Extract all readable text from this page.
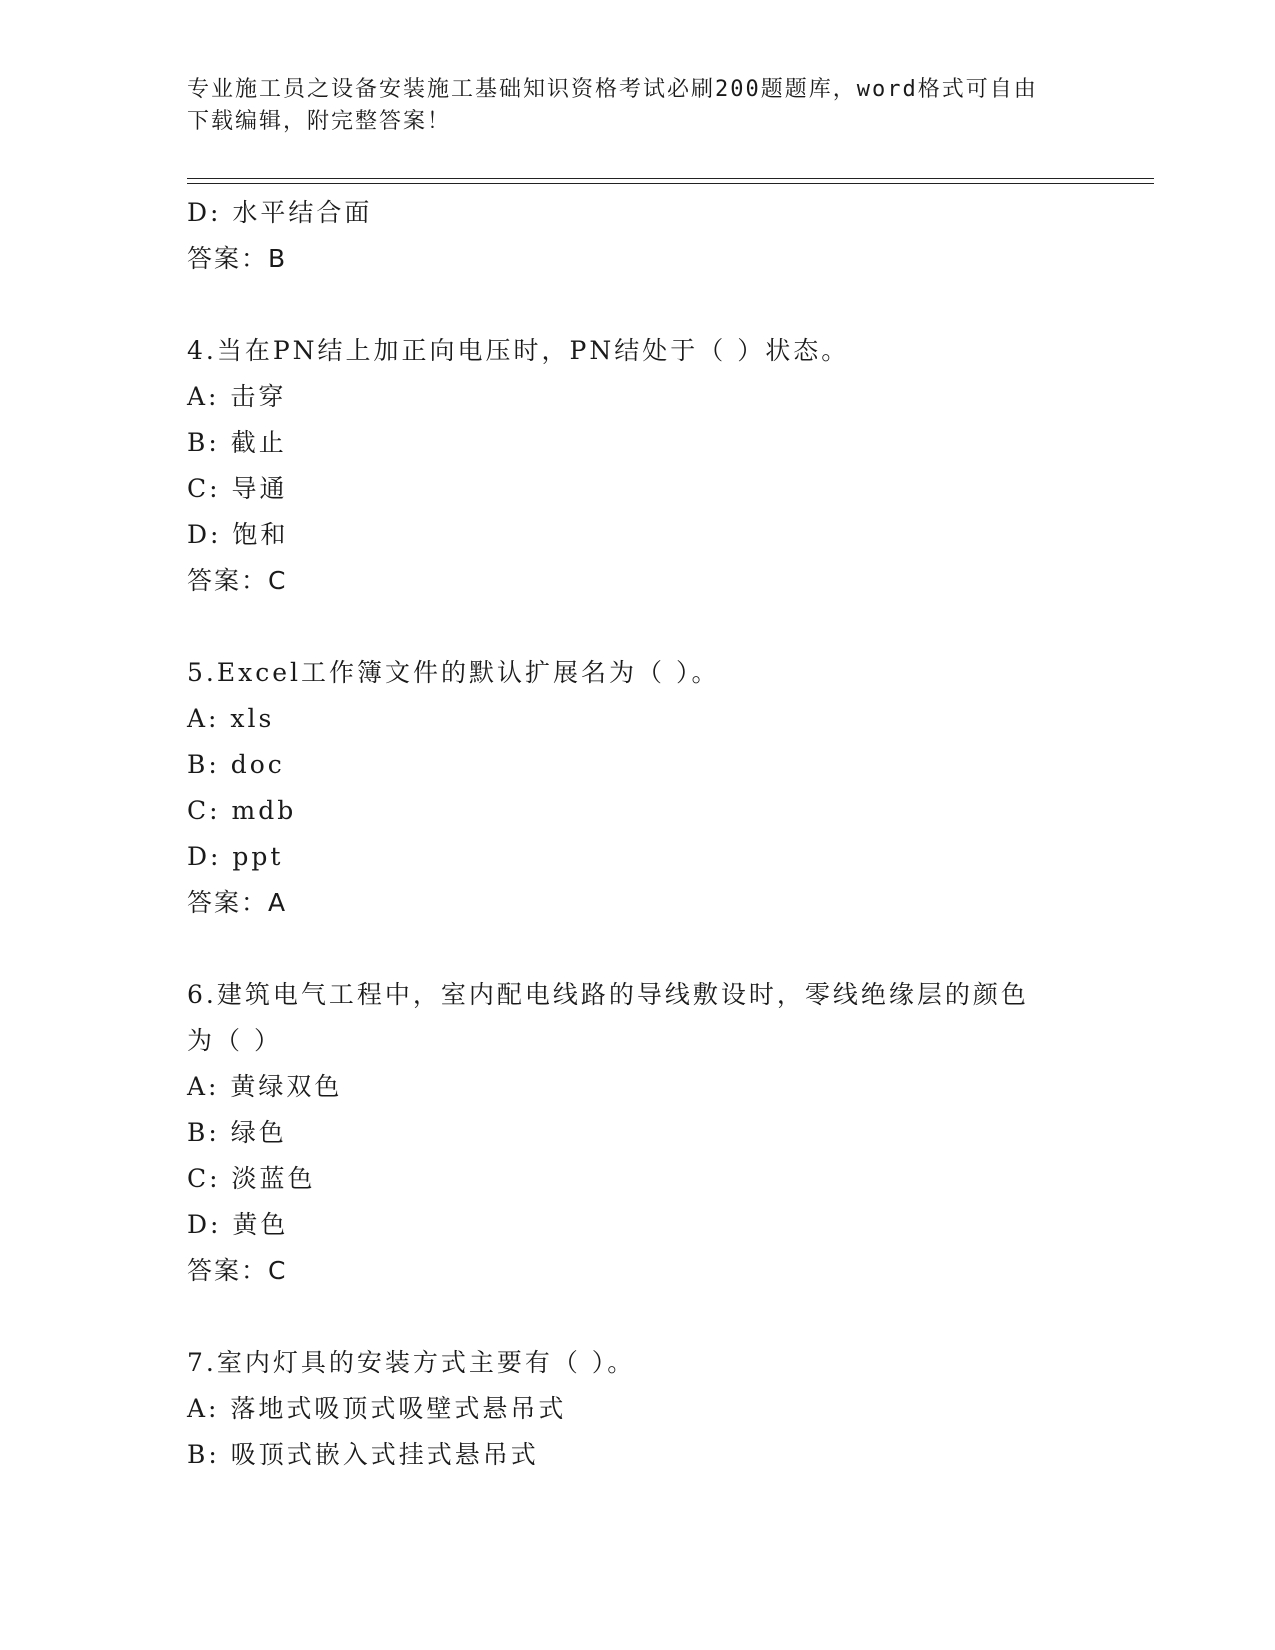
专业施工员之设备安装施工基础知识资格考试必刷200题题库，word格式可自由
下载编辑，附完整答案！
D: 水平结合面
答案：B
4.当在PN结上加正向电压时，PN结处于（ ）状态。
A: 击穿
B: 截止
C: 导通
D: 饱和
答案：C
5.Excel工作簿文件的默认扩展名为（ ）。
A: xls
B: doc
C: mdb
D: ppt
答案：A
6.建筑电气工程中，室内配电线路的导线敷设时，零线绝缘层的颜色
为（ ）
A: 黄绿双色
B: 绿色
C: 淡蓝色
D: 黄色
答案：C
7.室内灯具的安装方式主要有（ ）。
A: 落地式吸顶式吸壁式悬吊式
B: 吸顶式嵌入式挂式悬吊式
